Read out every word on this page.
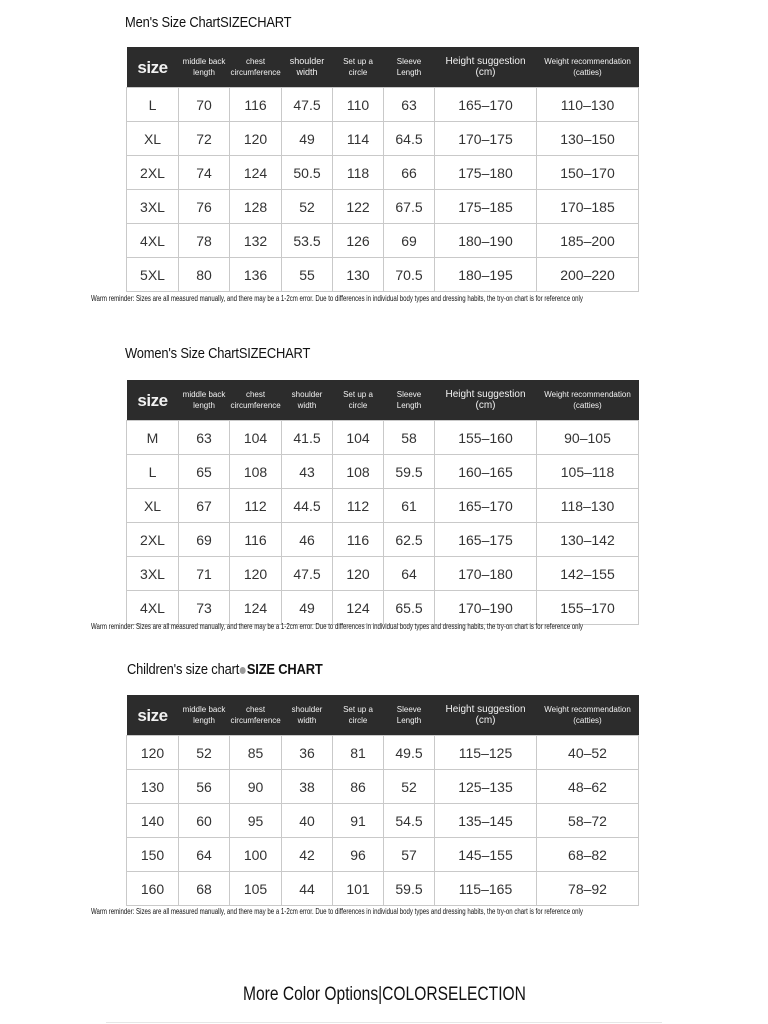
Men's Size ChartSIZECHART
size	middle back length	chest circumference	shoulder width	Set up a circle	Sleeve Length	Height suggestion (cm)	Weight recommendation (catties)
L	70	116	47.5	110	63	165–170	110–130
XL	72	120	49	114	64.5	170–175	130–150
2XL	74	124	50.5	118	66	175–180	150–170
3XL	76	128	52	122	67.5	175–185	170–185
4XL	78	132	53.5	126	69	180–190	185–200
5XL	80	136	55	130	70.5	180–195	200–220
Warm reminder: Sizes are all measured manually, and there may be a 1-2cm error. Due to differences in individual body types and dressing habits, the try-on chart is for reference only
Women's Size ChartSIZECHART
size	middle back length	chest circumference	shoulder width	Set up a circle	Sleeve Length	Height suggestion (cm)	Weight recommendation (catties)
M	63	104	41.5	104	58	155–160	90–105
L	65	108	43	108	59.5	160–165	105–118
XL	67	112	44.5	112	61	165–170	118–130
2XL	69	116	46	116	62.5	165–175	130–142
3XL	71	120	47.5	120	64	170–180	142–155
4XL	73	124	49	124	65.5	170–190	155–170
Warm reminder: Sizes are all measured manually, and there may be a 1-2cm error. Due to differences in individual body types and dressing habits, the try-on chart is for reference only
Children's size chart SIZE CHART
size	middle back length	chest circumference	shoulder width	Set up a circle	Sleeve Length	Height suggestion (cm)	Weight recommendation (catties)
120	52	85	36	81	49.5	115–125	40–52
130	56	90	38	86	52	125–135	48–62
140	60	95	40	91	54.5	135–145	58–72
150	64	100	42	96	57	145–155	68–82
160	68	105	44	101	59.5	115–165	78–92
Warm reminder: Sizes are all measured manually, and there may be a 1-2cm error. Due to differences in individual body types and dressing habits, the try-on chart is for reference only
More Color Options|COLORSELECTION
